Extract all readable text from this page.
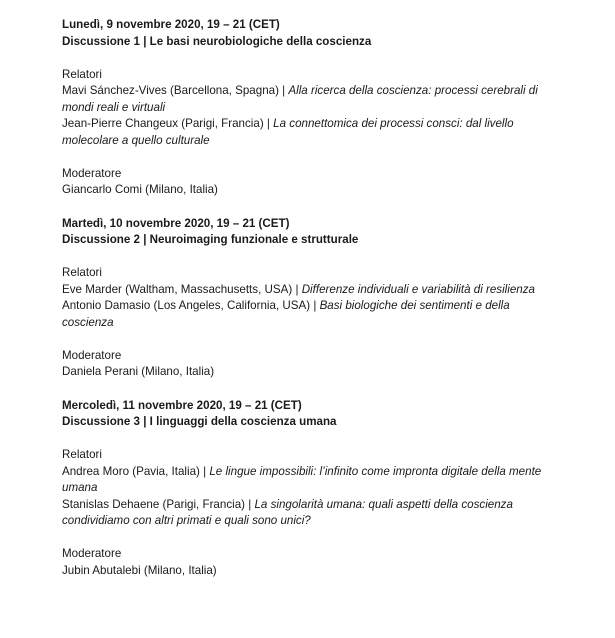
Lunedì, 9 novembre 2020, 19 – 21 (CET)

Discussione 1 | Le basi neurobiologiche della coscienza

Relatori

Mavi Sánchez-Vives (Barcellona, Spagna) | Alla ricerca della coscienza: processi cerebrali di mondi reali e virtuali

Jean-Pierre Changeux (Parigi, Francia) | La connettomica dei processi consci: dal livello molecolare a quello culturale

Moderatore

Giancarlo Comi (Milano, Italia)

Martedì, 10 novembre 2020, 19 – 21 (CET)

Discussione 2 | Neuroimaging funzionale e strutturale

Relatori

Eve Marder (Waltham, Massachusetts, USA) | Differenze individuali e variabilità di resilienza

Antonio Damasio (Los Angeles, California, USA) | Basi biologiche dei sentimenti e della coscienza

Moderatore

Daniela Perani (Milano, Italia)

Mercoledì, 11 novembre 2020, 19 – 21 (CET)

Discussione 3 | I linguaggi della coscienza umana

Relatori

Andrea Moro (Pavia, Italia) | Le lingue impossibili: l’infinito come impronta digitale della mente umana

Stanislas Dehaene (Parigi, Francia) | La singolarità umana: quali aspetti della coscienza condividiamo con altri primati e quali sono unici?

Moderatore

Jubin Abutalebi (Milano, Italia)
